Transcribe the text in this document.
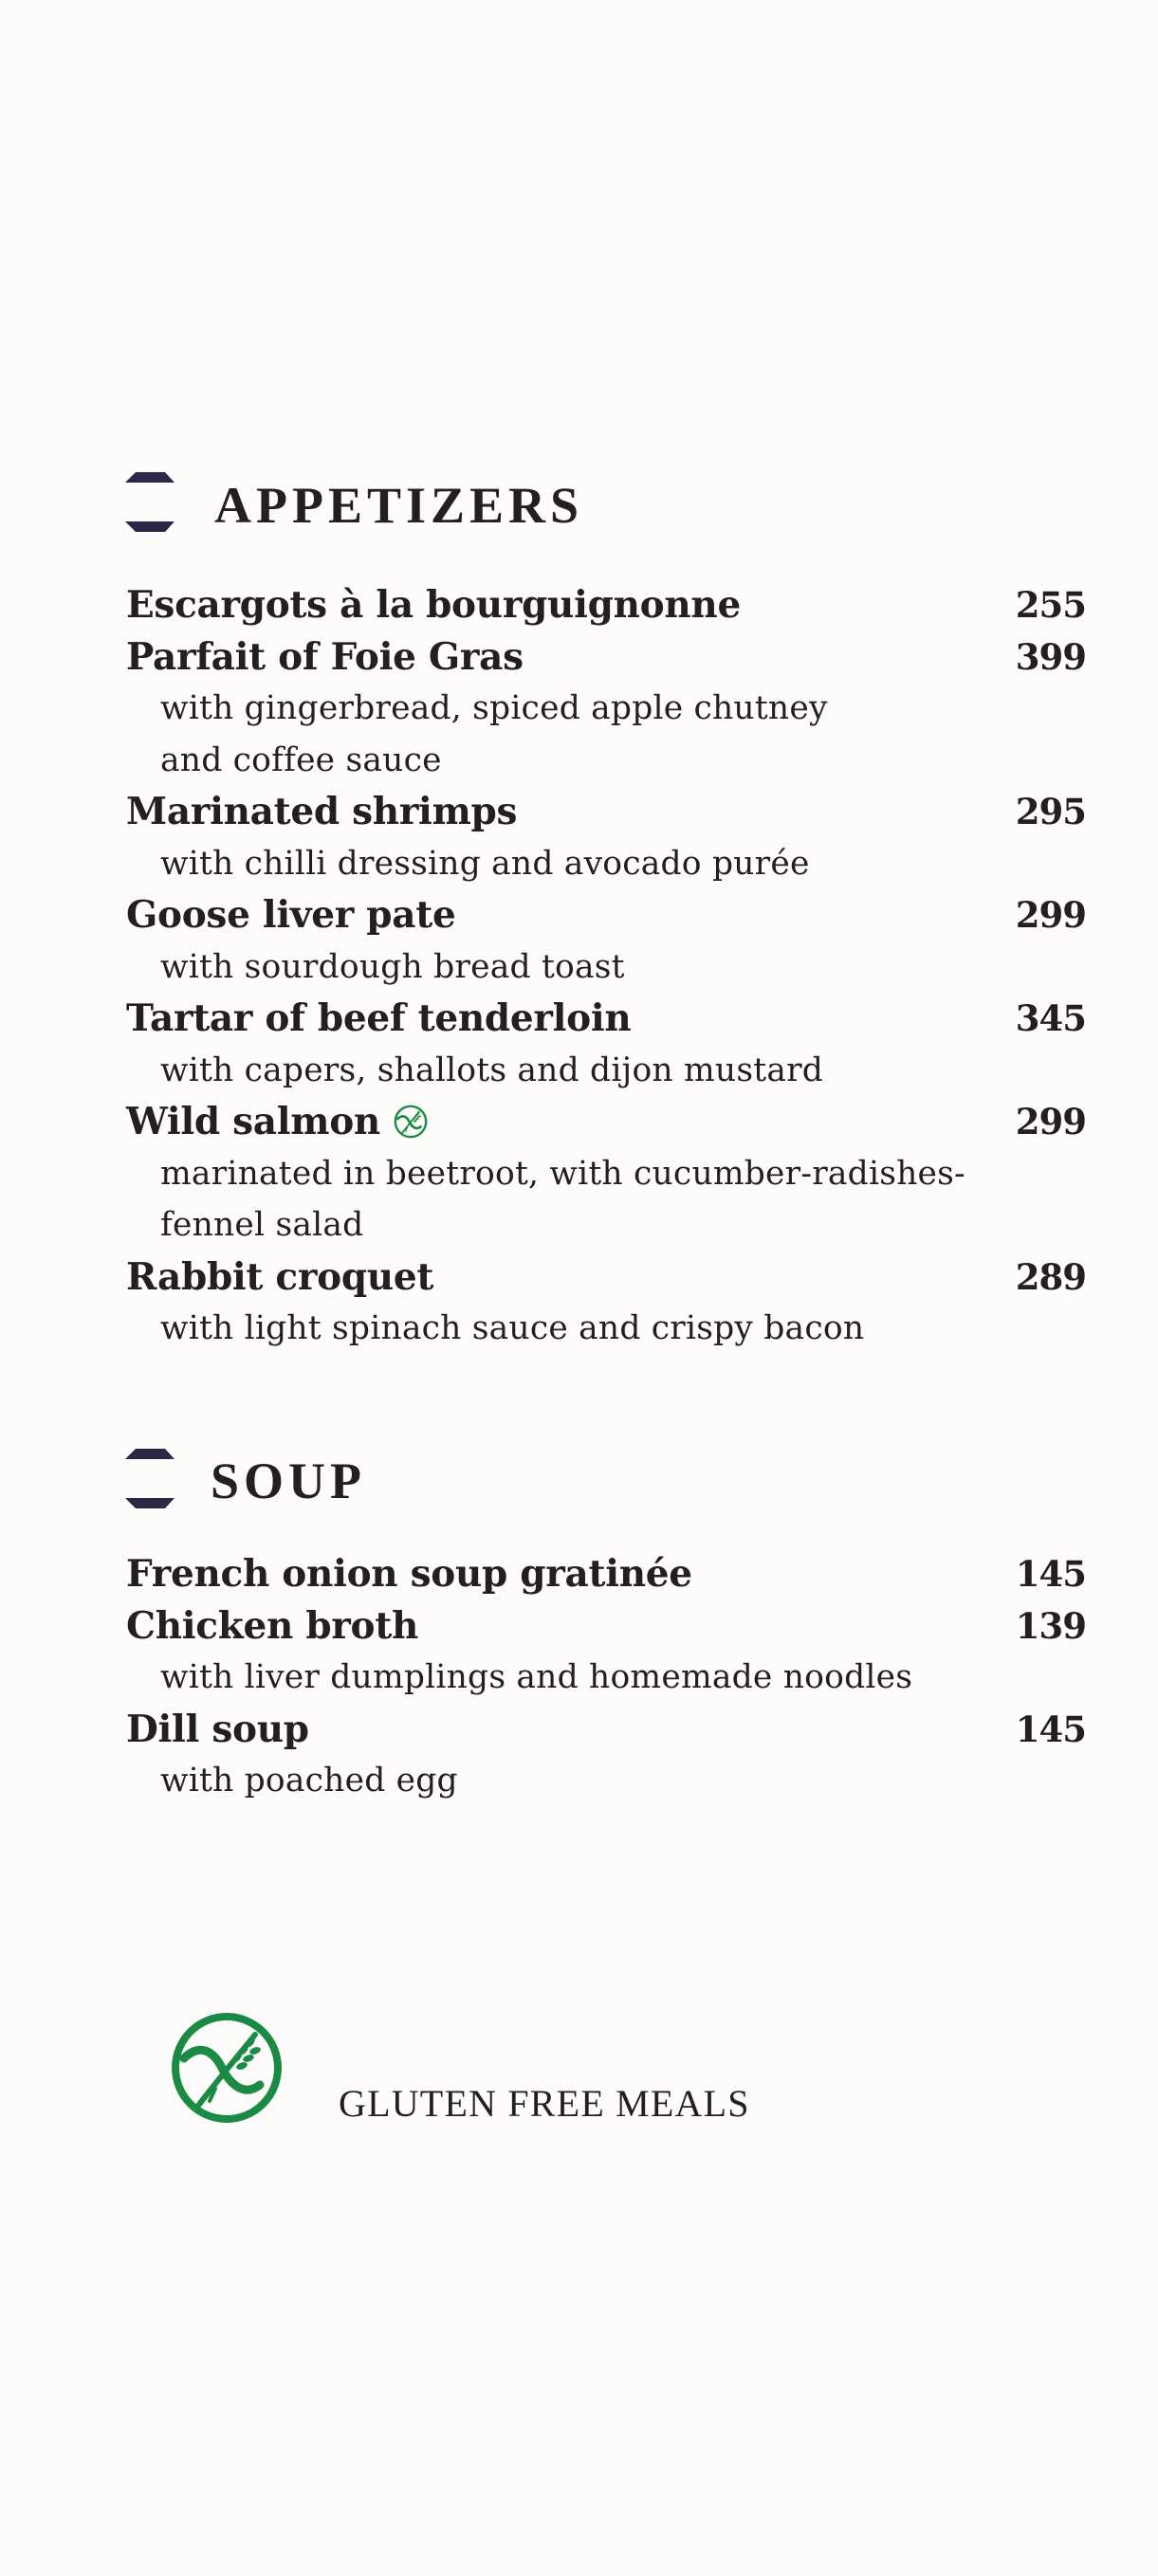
APPETIZERS
Escargots à la bourguignonne	255
Parfait of Foie Gras	399
with gingerbread, spiced apple chutney
and coffee sauce
Marinated shrimps	295
with chilli dressing and avocado purée
Goose liver pate	299
with sourdough bread toast
Tartar of beef tenderloin	345
with capers, shallots and dijon mustard
Wild salmon	299
marinated in beetroot, with cucumber-radishes-
fennel salad
Rabbit croquet	289
with light spinach sauce and crispy bacon
SOUP
French onion soup gratinée	145
Chicken broth	139
with liver dumplings and homemade noodles
Dill soup	145
with poached egg
GLUTEN FREE MEALS
